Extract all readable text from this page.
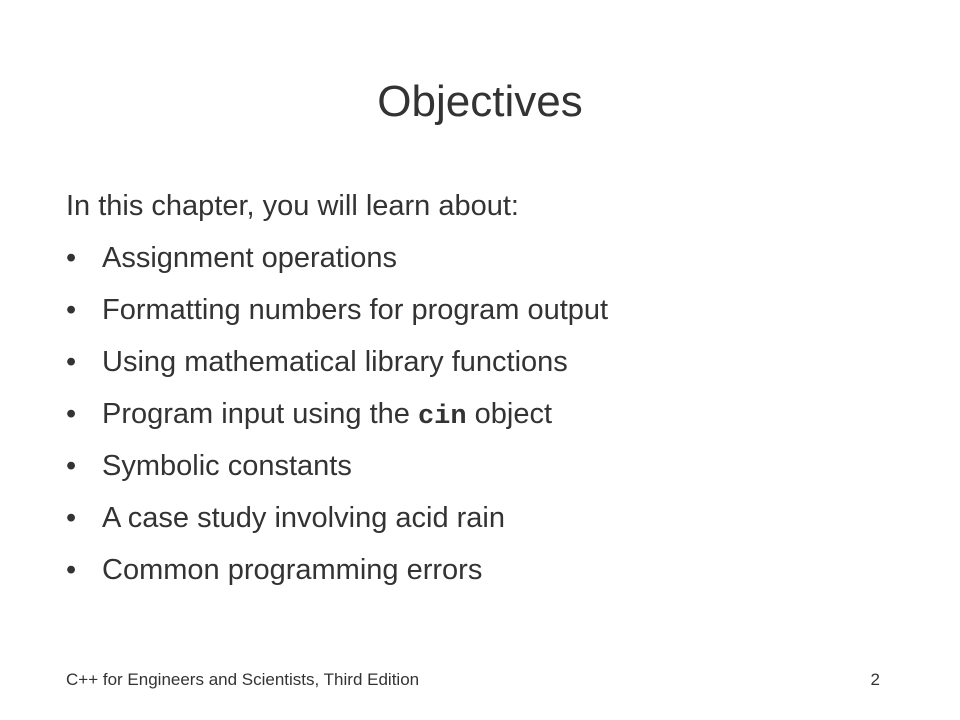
Objectives
In this chapter, you will learn about:
• Assignment operations
• Formatting numbers for program output
• Using mathematical library functions
• Program input using the cin object
• Symbolic constants
• A case study involving acid rain
• Common programming errors
C++ for Engineers and Scientists, Third Edition	2
